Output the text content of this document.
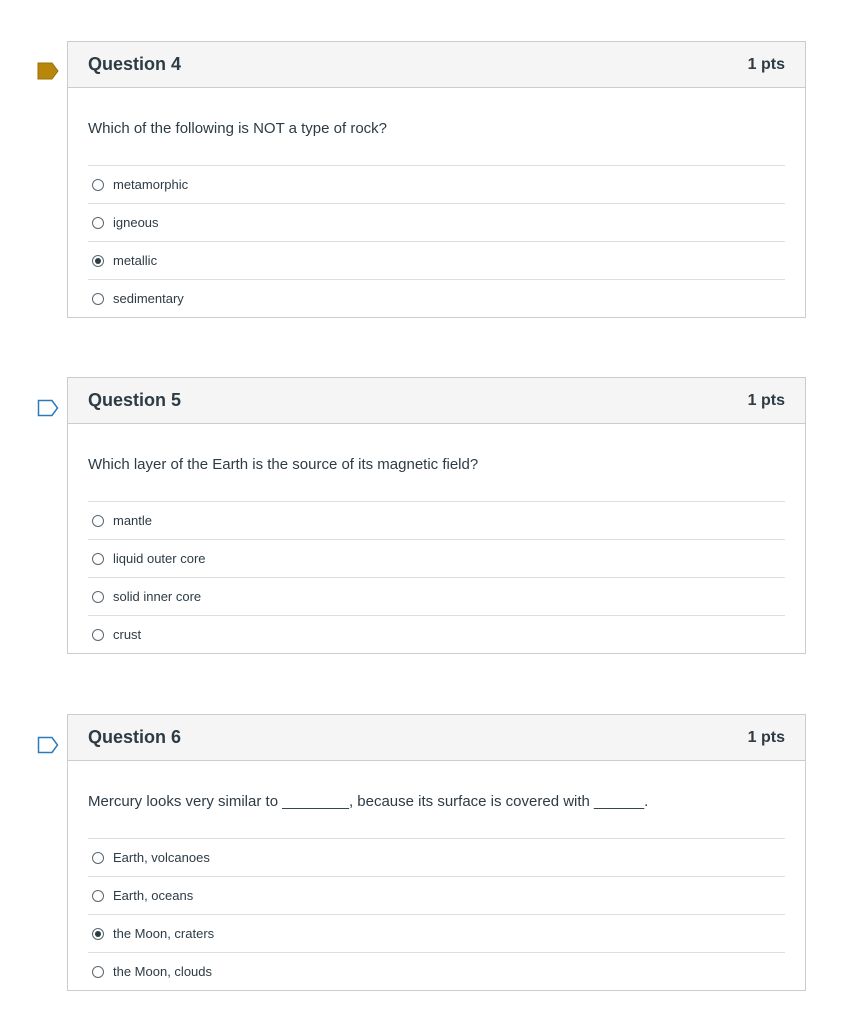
Question 4	1 pts
Which of the following is NOT a type of rock?
metamorphic
igneous
metallic
sedimentary
Question 5	1 pts
Which layer of the Earth is the source of its magnetic field?
mantle
liquid outer core
solid inner core
crust
Question 6	1 pts
Mercury looks very similar to ________, because its surface is covered with ______.
Earth, volcanoes
Earth, oceans
the Moon, craters
the Moon, clouds
